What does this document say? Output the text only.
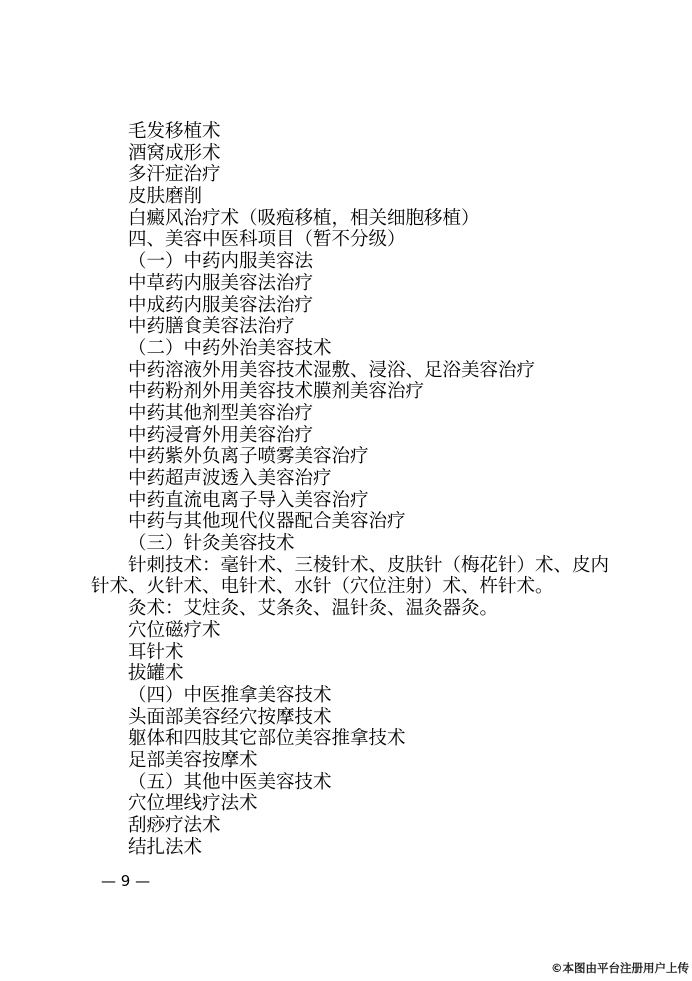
毛发移植术
酒窝成形术
多汗症治疗
皮肤磨削
白癜风治疗术（吸疱移植，相关细胞移植）
四、美容中医科项目（暂不分级）
（一）中药内服美容法
中草药内服美容法治疗
中成药内服美容法治疗
中药膳食美容法治疗
（二）中药外治美容技术
中药溶液外用美容技术湿敷、浸浴、足浴美容治疗
中药粉剂外用美容技术膜剂美容治疗
中药其他剂型美容治疗
中药浸膏外用美容治疗
中药紫外负离子喷雾美容治疗
中药超声波透入美容治疗
中药直流电离子导入美容治疗
中药与其他现代仪器配合美容治疗
（三）针灸美容技术
针刺技术：毫针术、三棱针术、皮肤针（梅花针）术、皮内针术、火针术、电针术、水针（穴位注射）术、杵针术。
灸术：艾炷灸、艾条灸、温针灸、温灸器灸。
穴位磁疗术
耳针术
拔罐术
（四）中医推拿美容技术
头面部美容经穴按摩技术
躯体和四肢其它部位美容推拿技术
足部美容按摩术
（五）其他中医美容技术
穴位埋线疗法术
刮痧疗法术
结扎法术
— 9 —
©本图由平台注册用户上传
